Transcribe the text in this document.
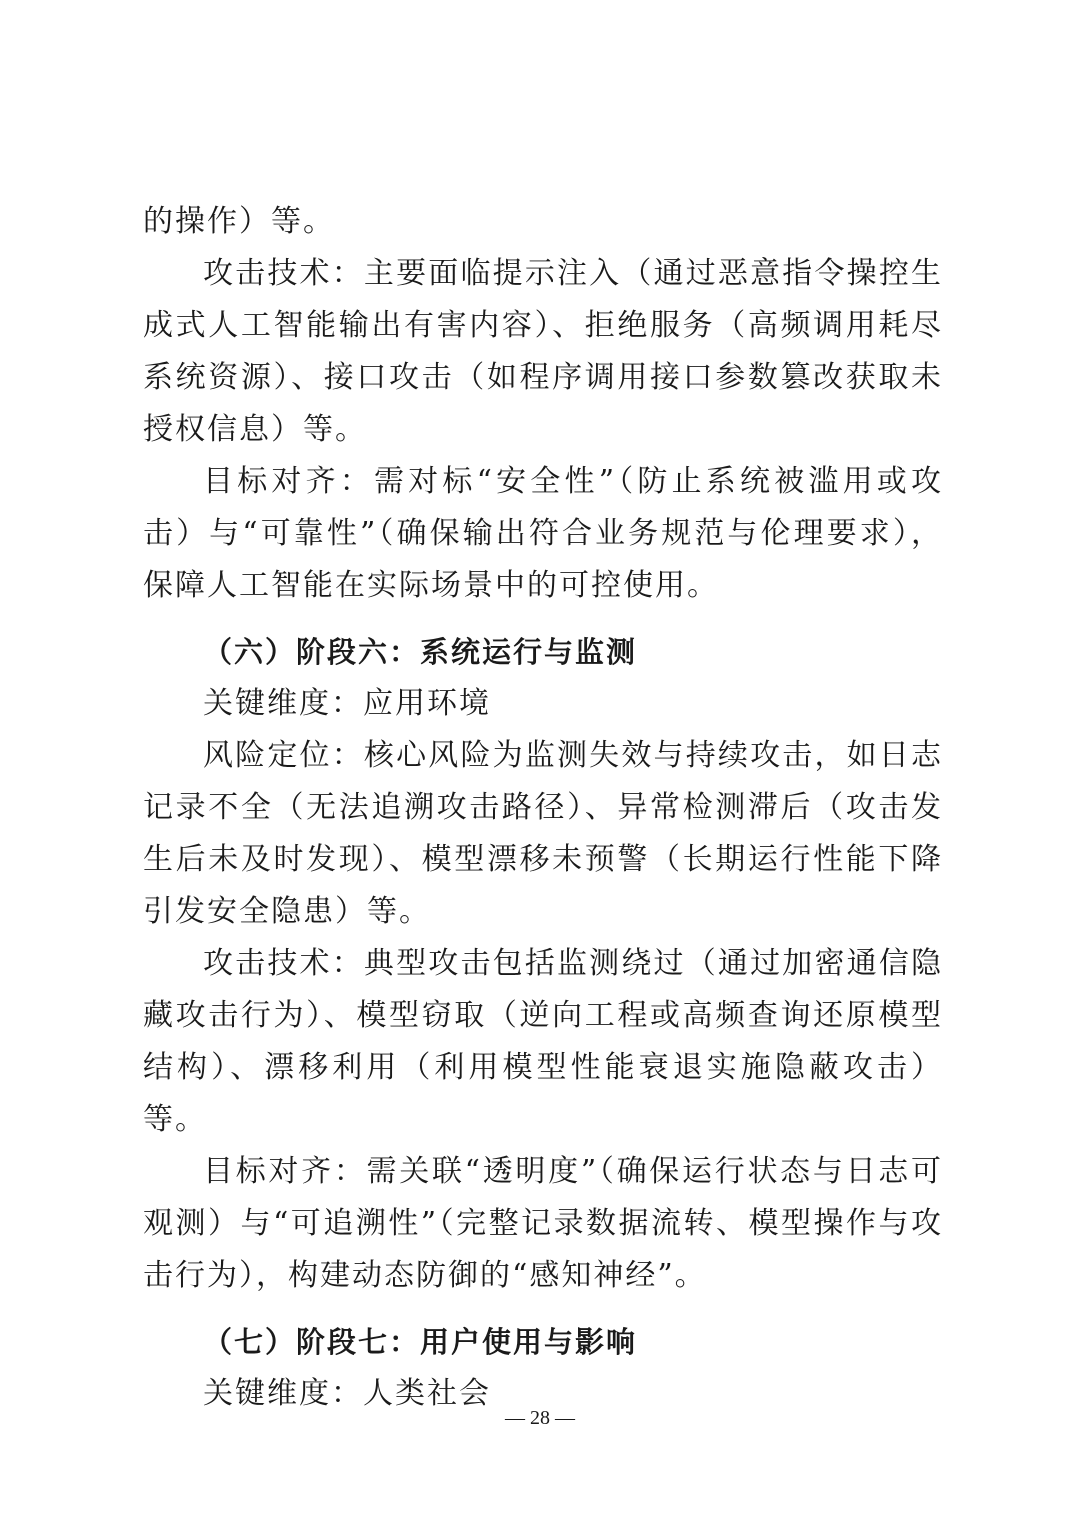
的操作）等。

攻击技术：主要面临提示注入（通过恶意指令操控生成式人工智能输出有害内容）、拒绝服务（高频调用耗尽系统资源）、接口攻击（如程序调用接口参数篡改获取未授权信息）等。

目标对齐：需对标“安全性”（防止系统被滥用或攻击）与“可靠性”（确保输出符合业务规范与伦理要求），保障人工智能在实际场景中的可控使用。

（六）阶段六：系统运行与监测

关键维度：应用环境

风险定位：核心风险为监测失效与持续攻击，如日志记录不全（无法追溯攻击路径）、异常检测滞后（攻击发生后未及时发现）、模型漂移未预警（长期运行性能下降引发安全隐患）等。

攻击技术：典型攻击包括监测绕过（通过加密通信隐藏攻击行为）、模型窃取（逆向工程或高频查询还原模型结构）、漂移利用（利用模型性能衰退实施隐蔽攻击）等。

目标对齐：需关联“透明度”（确保运行状态与日志可观测）与“可追溯性”（完整记录数据流转、模型操作与攻击行为），构建动态防御的“感知神经”。

（七）阶段七：用户使用与影响

关键维度：人类社会

— 28 —
